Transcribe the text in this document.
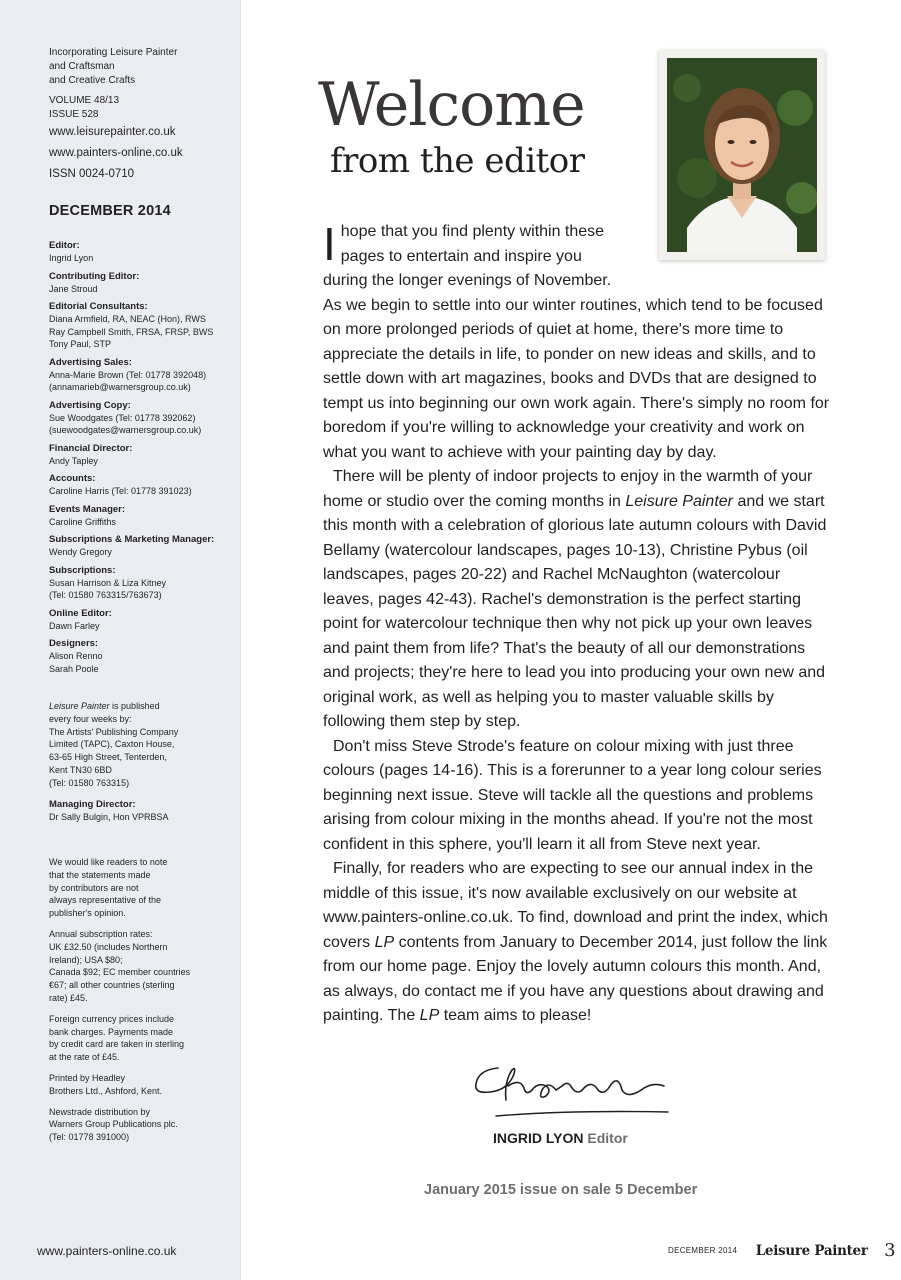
Incorporating Leisure Painter
and Craftsman
and Creative Crafts
VOLUME 48/13
ISSUE 528
www.leisurepainter.co.uk
www.painters-online.co.uk
ISSN 0024-0710
DECEMBER 2014
Editor:
Ingrid Lyon
Contributing Editor:
Jane Stroud
Editorial Consultants:
Diana Armfield, RA, NEAC (Hon), RWS
Ray Campbell Smith, FRSA, FRSP, BWS
Tony Paul, STP
Advertising Sales:
Anna-Marie Brown (Tel: 01778 392048)
(annamarieb@warnersgroup.co.uk)
Advertising Copy:
Sue Woodgates (Tel: 01778 392062)
(suewoodgates@warnersgroup.co.uk)
Financial Director:
Andy Tapley
Accounts:
Caroline Harris (Tel: 01778 391023)
Events Manager:
Caroline Griffiths
Subscriptions & Marketing Manager:
Wendy Gregory
Subscriptions:
Susan Harrison & Liza Kitney
(Tel: 01580 763315/763673)
Online Editor:
Dawn Farley
Designers:
Alison Renno
Sarah Poole
Leisure Painter is published
every four weeks by:
The Artists' Publishing Company
Limited (TAPC), Caxton House,
63-65 High Street, Tenterden,
Kent TN30 6BD
(Tel: 01580 763315)
Managing Director:
Dr Sally Bulgin, Hon VPRBSA
We would like readers to note
that the statements made
by contributors are not
always representative of the
publisher's opinion.
Annual subscription rates:
UK £32.50 (includes Northern
Ireland); USA $80;
Canada $92; EC member countries
€67; all other countries (sterling
rate) £45.
Foreign currency prices include
bank charges. Payments made
by credit card are taken in sterling
at the rate of £45.
Printed by Headley
Brothers Ltd., Ashford, Kent.
Newstrade distribution by
Warners Group Publications plc.
(Tel: 01778 391000)
www.painters-online.co.uk
Welcome
from the editor

I hope that you find plenty within these
pages to entertain and inspire you

during the longer evenings of November.

As we begin to settle into our winter routines, which tend to be focused on more prolonged periods of quiet at home, there's more time to appreciate the details in life, to ponder on new ideas and skills, and to settle down with art magazines, books and DVDs that are designed to tempt us into beginning our own work again. There's simply no room for boredom if you're willing to acknowledge your creativity and work on what you want to achieve with your painting day by day.

There will be plenty of indoor projects to enjoy in the warmth of your home or studio over the coming months in Leisure Painter and we start this month with a celebration of glorious late autumn colours with David Bellamy (watercolour landscapes, pages 10-13), Christine Pybus (oil landscapes, pages 20-22) and Rachel McNaughton (watercolour leaves, pages 42-43). Rachel's demonstration is the perfect starting point for watercolour technique then why not pick up your own leaves and paint them from life? That's the beauty of all our demonstrations and projects; they're here to lead you into producing your own new and original work, as well as helping you to master valuable skills by following them step by step.

Don't miss Steve Strode's feature on colour mixing with just three colours (pages 14-16). This is a forerunner to a year long colour series beginning next issue. Steve will tackle all the questions and problems arising from colour mixing in the months ahead. If you're not the most confident in this sphere, you'll learn it all from Steve next year.

Finally, for readers who are expecting to see our annual index in the middle of this issue, it's now available exclusively on our website at www.painters-online.co.uk. To find, download and print the index, which covers LP contents from January to December 2014, just follow the link from our home page. Enjoy the lovely autumn colours this month. And, as always, do contact me if you have any questions about drawing and painting. The LP team aims to please!

INGRID LYON Editor
January 2015 issue on sale 5 December
DECEMBER 2014 Leisure Painter 3
